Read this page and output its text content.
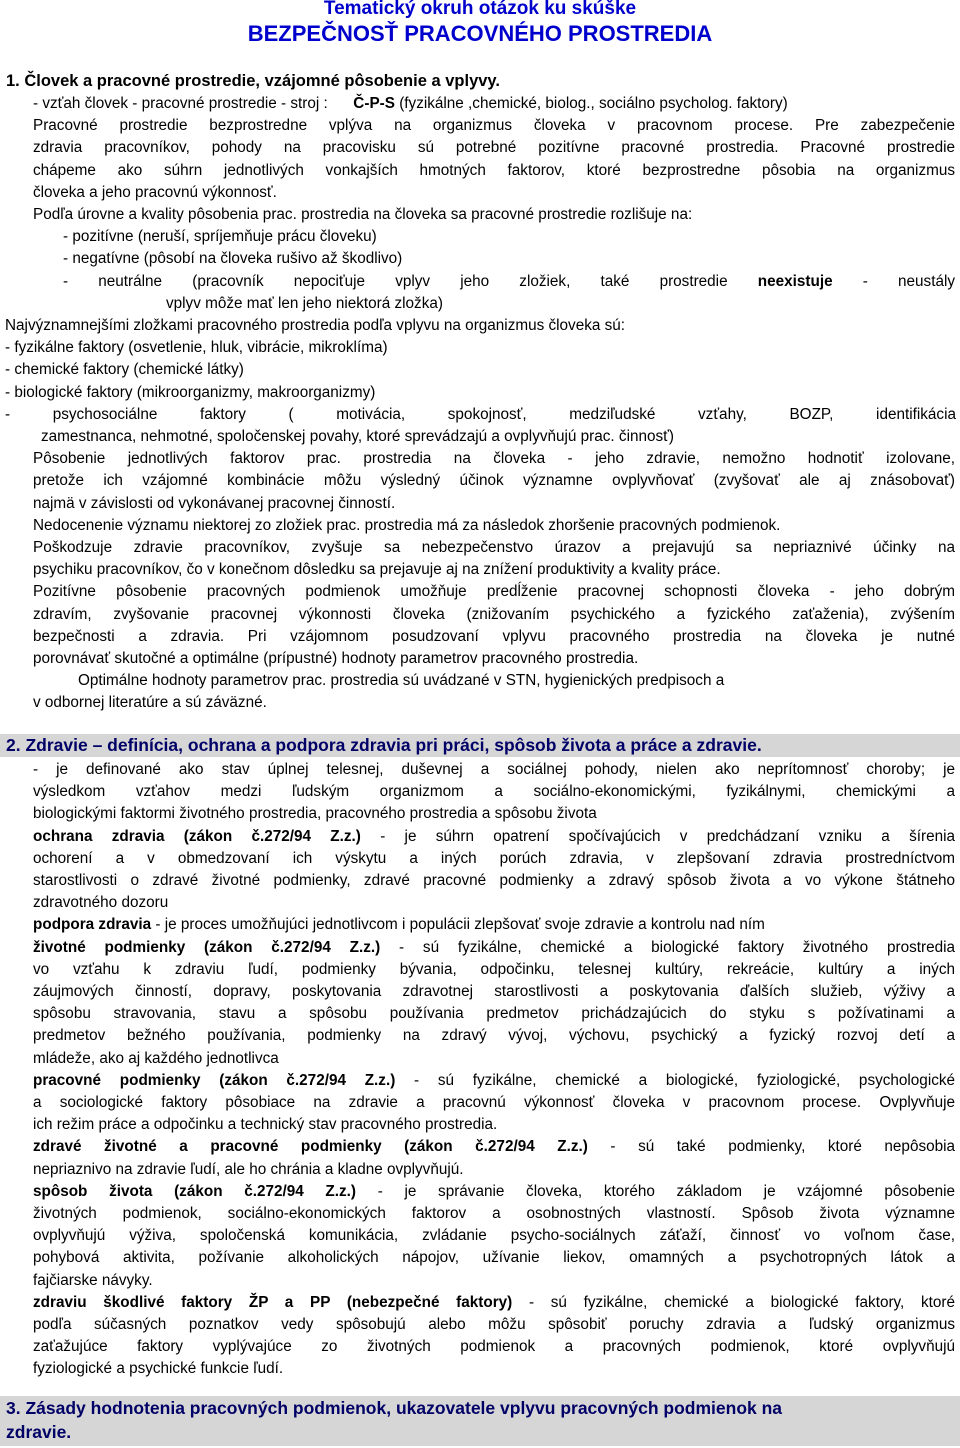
Tematický okruh otázok ku skúške
BEZPEČNOSŤ PRACOVNÉHO PROSTREDIA
1. Človek a pracovné prostredie, vzájomné pôsobenie a vplyvy.
- vzťah človek - pracovné prostredie - stroj : Č-P-S (fyzikálne ,chemické, biolog., sociálno psycholog. faktory)
Pracovné prostredie bezprostredne vplýva na organizmus človeka v pracovnom procese. Pre zabezpečenie
zdravia pracovníkov, pohody na pracovisku sú potrebné pozitívne pracovné prostredia. Pracovné prostredie
chápeme ako súhrn jednotlivých vonkajších hmotných faktorov, ktoré bezprostredne pôsobia na organizmus
človeka a jeho pracovnú výkonnosť.
Podľa úrovne a kvality pôsobenia prac. prostredia na človeka sa pracovné prostredie rozlišuje na:
- pozitívne (neruší, spríjemňuje prácu človeku)
- negatívne (pôsobí na človeka rušivo až škodlivo)
- neutrálne (pracovník nepociťuje vplyv jeho zložiek, také prostredie neexistuje - neustály
vplyv môže mať len jeho niektorá zložka)
Najvýznamnejšími zložkami pracovného prostredia podľa vplyvu na organizmus človeka sú:
- fyzikálne faktory (osvetlenie, hluk, vibrácie, mikroklíma)
- chemické faktory (chemické látky)
- biologické faktory (mikroorganizmy, makroorganizmy)
- psychosociálne faktory ( motivácia, spokojnosť, medziľudské vzťahy, BOZP, identifikácia
zamestnanca, nehmotné, spoločenskej povahy, ktoré sprevádzajú a ovplyvňujú prac. činnosť)
Pôsobenie jednotlivých faktorov prac. prostredia na človeka - jeho zdravie, nemožno hodnotiť izolovane,
pretože ich vzájomné kombinácie môžu výsledný účinok významne ovplyvňovať (zvyšovať ale aj znásobovať)
najmä v závislosti od vykonávanej pracovnej činností.
Nedocenenie významu niektorej zo zložiek prac. prostredia má za následok zhoršenie pracovných podmienok.
Poškodzuje zdravie pracovníkov, zvyšuje sa nebezpečenstvo úrazov a prejavujú sa nepriaznivé účinky na
psychiku pracovníkov, čo v konečnom dôsledku sa prejavuje aj na znížení produktivity a kvality práce.
Pozitívne pôsobenie pracovných podmienok umožňuje predĺženie pracovnej schopnosti človeka - jeho dobrým
zdravím, zvyšovanie pracovnej výkonnosti človeka (znižovaním psychického a fyzického zaťaženia), zvýšením
bezpečnosti a zdravia. Pri vzájomnom posudzovaní vplyvu pracovného prostredia na človeka je nutné
porovnávať skutočné a optimálne (prípustné) hodnoty parametrov pracovného prostredia.
Optimálne hodnoty parametrov prac. prostredia sú uvádzané v STN, hygienických predpisoch a
v odbornej literatúre a sú záväzné.
2. Zdravie – definícia, ochrana a podpora zdravia pri práci, spôsob života a práce a zdravie.
- je definované ako stav úplnej telesnej, duševnej a sociálnej pohody, nielen ako neprítomnosť choroby; je
výsledkom vzťahov medzi ľudským organizmom a sociálno-ekonomickými, fyzikálnymi, chemickými a
biologickými faktormi životného prostredia, pracovného prostredia a spôsobu života
ochrana zdravia (zákon č.272/94 Z.z.) - je súhrn opatrení spočívajúcich v predchádzaní vzniku a šírenia
ochorení a v obmedzovaní ich výskytu a iných porúch zdravia, v zlepšovaní zdravia prostredníctvom
starostlivosti o zdravé životné podmienky, zdravé pracovné podmienky a zdravý spôsob života a vo výkone štátneho
zdravotného dozoru
podpora zdravia - je proces umožňujúci jednotlivcom i populácii zlepšovať svoje zdravie a kontrolu nad ním
životné podmienky (zákon č.272/94 Z.z.) - sú fyzikálne, chemické a biologické faktory životného prostredia
vo vzťahu k zdraviu ľudí, podmienky bývania, odpočinku, telesnej kultúry, rekreácie, kultúry a iných
záujmových činností, dopravy, poskytovania zdravotnej starostlivosti a poskytovania ďalších služieb, výživy a
spôsobu stravovania, stavu a spôsobu používania predmetov prichádzajúcich do styku s požívatinami a
predmetov bežného používania, podmienky na zdravý vývoj, výchovu, psychický a fyzický rozvoj detí a
mládeže, ako aj každého jednotlivca
pracovné podmienky (zákon č.272/94 Z.z.) - sú fyzikálne, chemické a biologické, fyziologické, psychologické
a sociologické faktory pôsobiace na zdravie a pracovnú výkonnosť človeka v pracovnom procese. Ovplyvňuje
ich režim práce a odpočinku a technický stav pracovného prostredia.
zdravé životné a pracovné podmienky (zákon č.272/94 Z.z.) - sú také podmienky, ktoré nepôsobia
nepriaznivo na zdravie ľudí, ale ho chránia a kladne ovplyvňujú.
spôsob života (zákon č.272/94 Z.z.) - je správanie človeka, ktorého základom je vzájomné pôsobenie
životných podmienok, sociálno-ekonomických faktorov a osobnostných vlastností. Spôsob života významne
ovplyvňujú výživa, spoločenská komunikácia, zvládanie psycho-sociálnych záťaží, činnosť vo voľnom čase,
pohybová aktivita, požívanie alkoholických nápojov, užívanie liekov, omamných a psychotropných látok a
fajčiarske návyky.
zdraviu škodlivé faktory ŽP a PP (nebezpečné faktory) - sú fyzikálne, chemické a biologické faktory, ktoré
podľa súčasných poznatkov vedy spôsobujú alebo môžu spôsobiť poruchy zdravia a ľudský organizmus
zaťažujúce faktory vyplývajúce zo životných podmienok a pracovných podmienok, ktoré ovplyvňujú
fyziologické a psychické funkcie ľudí.
3. Zásady hodnotenia pracovných podmienok, ukazovatele vplyvu pracovných podmienok na
zdravie.
